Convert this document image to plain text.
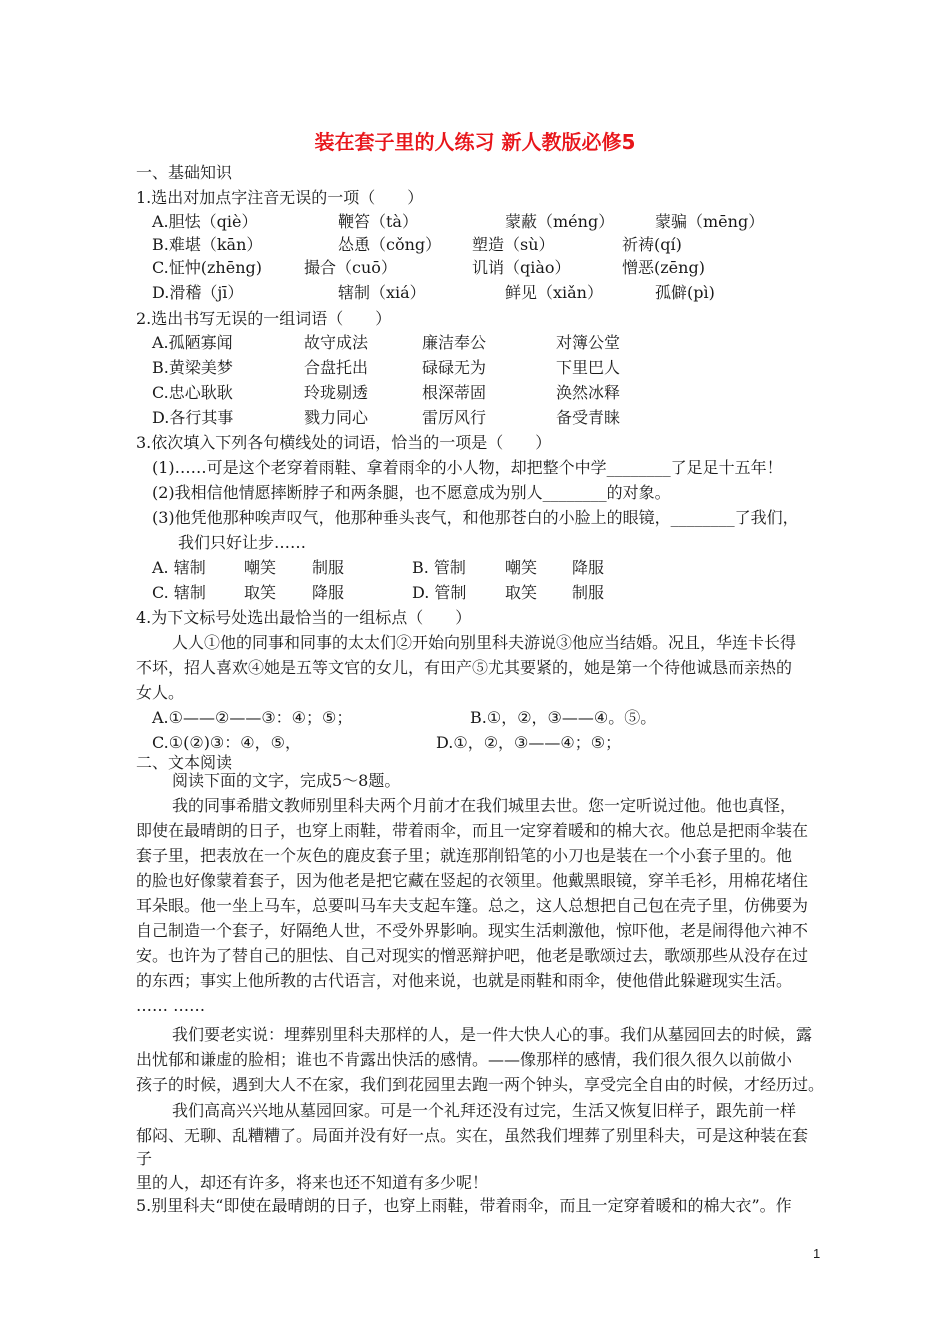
装在套子里的人练习 新人教版必修5
一、基础知识
1.选出对加点字注音无误的一项（　　）
A.胆怯（qiè）	鞭笞（tà）	蒙蔽（méng）	蒙骗（mēng）
B.难堪（kān）	怂恿（cǒng） 塑造（sù）	祈祷(qí)
C.怔忡(zhēng)	撮合（cuō）	讥诮（qiào）	憎恶(zēng)
D.滑稽（jī）	辖制（xiá）	鲜见（xiǎn）	孤僻(pì)
2.选出书写无误的一组词语（　　）
A.孤陋寡闻	故守成法	廉洁奉公	对簿公堂
B.黄梁美梦	合盘托出	碌碌无为	下里巴人
C.忠心耿耿	玲珑剔透	根深蒂固	涣然冰释
D.各行其事	戮力同心	雷厉风行	备受青睐
3.依次填入下列各句横线处的词语，恰当的一项是（　　）
(1)……可是这个老穿着雨鞋、拿着雨伞的小人物，却把整个中学________了足足十五年！
(2)我相信他情愿摔断脖子和两条腿，也不愿意成为别人________的对象。
(3)他凭他那种唉声叹气，他那种垂头丧气，和他那苍白的小脸上的眼镜，________了我们，
我们只好让步……
A. 辖制 嘲笑 制服	B. 管制 嘲笑 降服
C. 辖制 取笑 降服	D. 管制 取笑 制服
4.为下文标号处选出最恰当的一组标点（　　）
人人①他的同事和同事的太太们②开始向别里科夫游说③他应当结婚。况且，华连卡长得
不坏，招人喜欢④她是五等文官的女儿，有田产⑤尤其要紧的，她是第一个待他诚恳而亲热的
女人。
A.①——②——③：④；⑤；	B.①，②，③——④。⑤。
C.①(②)③：④，⑤，	D.①，②，③——④；⑤；
二、文本阅读
阅读下面的文字，完成5～8题。
我的同事希腊文教师别里科夫两个月前才在我们城里去世。您一定听说过他。他也真怪，
即使在最晴朗的日子，也穿上雨鞋，带着雨伞，而且一定穿着暖和的棉大衣。他总是把雨伞装在
套子里，把表放在一个灰色的鹿皮套子里；就连那削铅笔的小刀也是装在一个小套子里的。他
的脸也好像蒙着套子，因为他老是把它藏在竖起的衣领里。他戴黑眼镜，穿羊毛衫，用棉花堵住
耳朵眼。他一坐上马车，总要叫马车夫支起车篷。总之，这人总想把自己包在壳子里，仿佛要为
自己制造一个套子，好隔绝人世，不受外界影响。现实生活刺激他，惊吓他，老是闹得他六神不
安。也许为了替自己的胆怯、自己对现实的憎恶辩护吧，他老是歌颂过去，歌颂那些从没存在过
的东西；事实上他所教的古代语言，对他来说，也就是雨鞋和雨伞，使他借此躲避现实生活。
…… ……
我们要老实说：埋葬别里科夫那样的人，是一件大快人心的事。我们从墓园回去的时候，露
出忧郁和谦虚的脸相；谁也不肯露出快活的感情。——像那样的感情，我们很久很久以前做小
孩子的时候，遇到大人不在家，我们到花园里去跑一两个钟头，享受完全自由的时候，才经历过。
我们高高兴兴地从墓园回家。可是一个礼拜还没有过完，生活又恢复旧样子，跟先前一样
郁闷、无聊、乱糟糟了。局面并没有好一点。实在，虽然我们埋葬了别里科夫，可是这种装在套
子
里的人，却还有许多，将来也还不知道有多少呢！
5.别里科夫“即使在最晴朗的日子，也穿上雨鞋，带着雨伞，而且一定穿着暖和的棉大衣”。作
1
